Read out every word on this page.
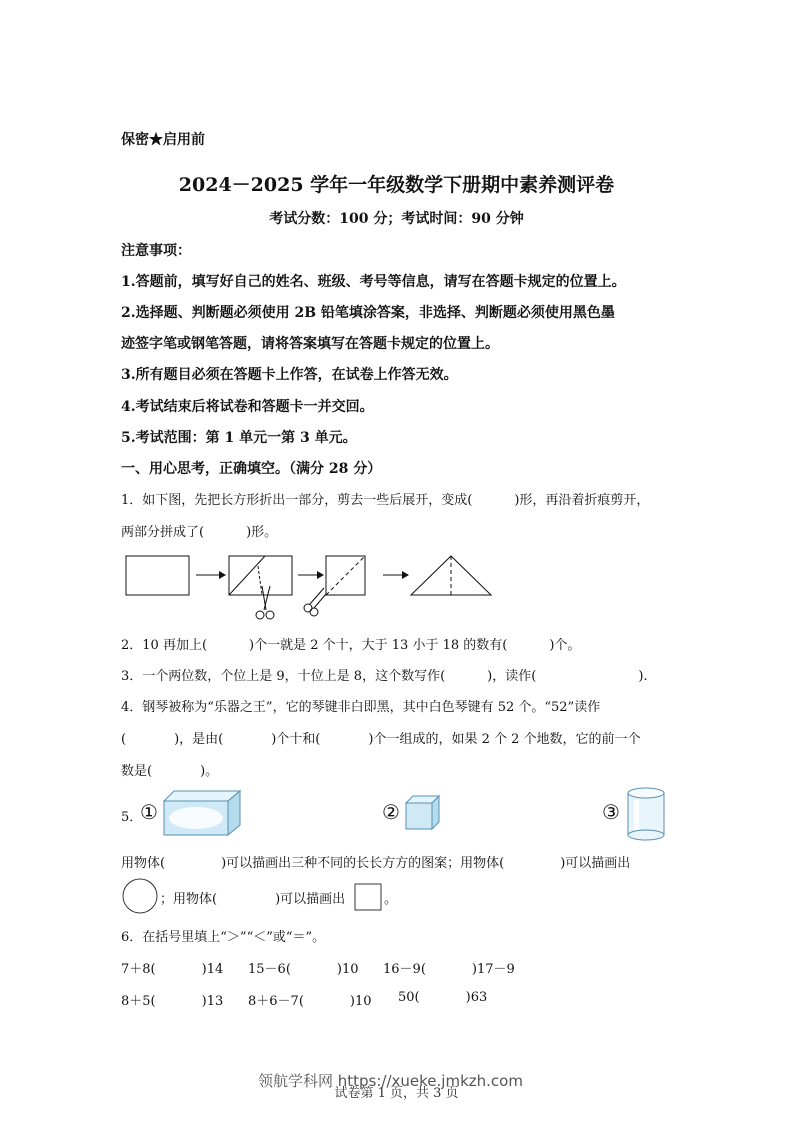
保密★启用前
2024－2025 学年一年级数学下册期中素养测评卷
考试分数：100 分；考试时间：90 分钟
注意事项：
1.答题前，填写好自己的姓名、班级、考号等信息，请写在答题卡规定的位置上。
2.选择题、判断题必须使用 2B 铅笔填涂答案，非选择、判断题必须使用黑色墨
迹签字笔或钢笔答题，请将答案填写在答题卡规定的位置上。
3.所有题目必须在答题卡上作答，在试卷上作答无效。
4.考试结束后将试卷和答题卡一并交回。
5.考试范围：第 1 单元一第 3 单元。
一、用心思考，正确填空。（满分 28 分）
1．如下图，先把长方形折出一部分，剪去一些后展开，变成(	)形，再沿着折痕剪开，
两部分拼成了(	)形。
2．10 再加上(	)个一就是 2 个十，大于 13 小于 18 的数有(	)个。
3．一个两位数，个位上是 9，十位上是 8，这个数写作(	)，读作(	).
4．钢琴被称为“乐器之王”，它的琴键非白即黑，其中白色琴键有 52 个。“52”读作
(	)，是由(	)个十和(	)个一组成的，如果 2 个 2 个地数，它的前一个
数是(	)。
5．
①	②	③
用物体(	)可以描画出三种不同的长长方方的图案；用物体(	)可以描画出
；用物体(	)可以描画出	。
6．在括号里填上“＞”“＜”或“＝”。
7＋8(	)14 15－6(	)10 16－9(	)17－9
8＋5(	)13 8＋6－7(	)10 50(	)63
领航学科网 https://xueke.jmkzh.com
试卷第 1 页，共 3 页
